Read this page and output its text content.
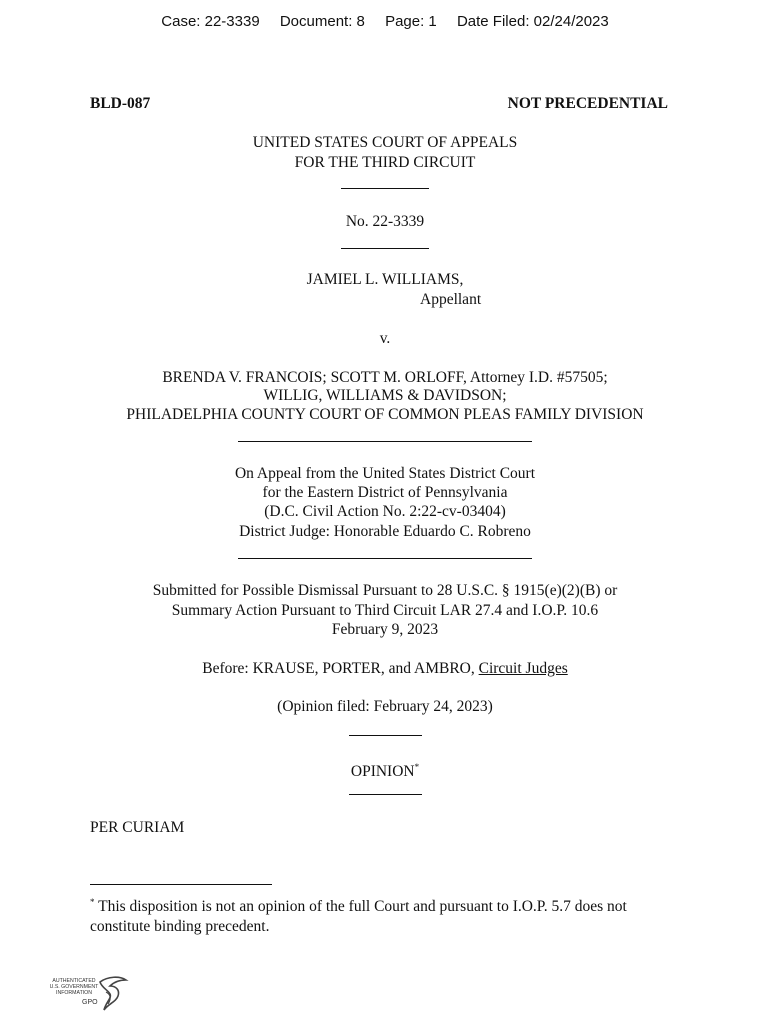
Case: 22-3339 Document: 8 Page: 1 Date Filed: 02/24/2023
BLD-087	NOT PRECEDENTIAL
UNITED STATES COURT OF APPEALS
FOR THE THIRD CIRCUIT
No. 22-3339
JAMIEL L. WILLIAMS,
Appellant
v.
BRENDA V. FRANCOIS; SCOTT M. ORLOFF, Attorney I.D. #57505;
WILLIG, WILLIAMS & DAVIDSON;
PHILADELPHIA COUNTY COURT OF COMMON PLEAS FAMILY DIVISION
On Appeal from the United States District Court
for the Eastern District of Pennsylvania
(D.C. Civil Action No. 2:22-cv-03404)
District Judge: Honorable Eduardo C. Robreno
Submitted for Possible Dismissal Pursuant to 28 U.S.C. § 1915(e)(2)(B) or
Summary Action Pursuant to Third Circuit LAR 27.4 and I.O.P. 10.6
February 9, 2023
Before: KRAUSE, PORTER, and AMBRO, Circuit Judges
(Opinion filed: February 24, 2023)
OPINION*
PER CURIAM
* This disposition is not an opinion of the full Court and pursuant to I.O.P. 5.7 does not constitute binding precedent.
AUTHENTICATED
U.S. GOVERNMENT
INFORMATION
GPO
